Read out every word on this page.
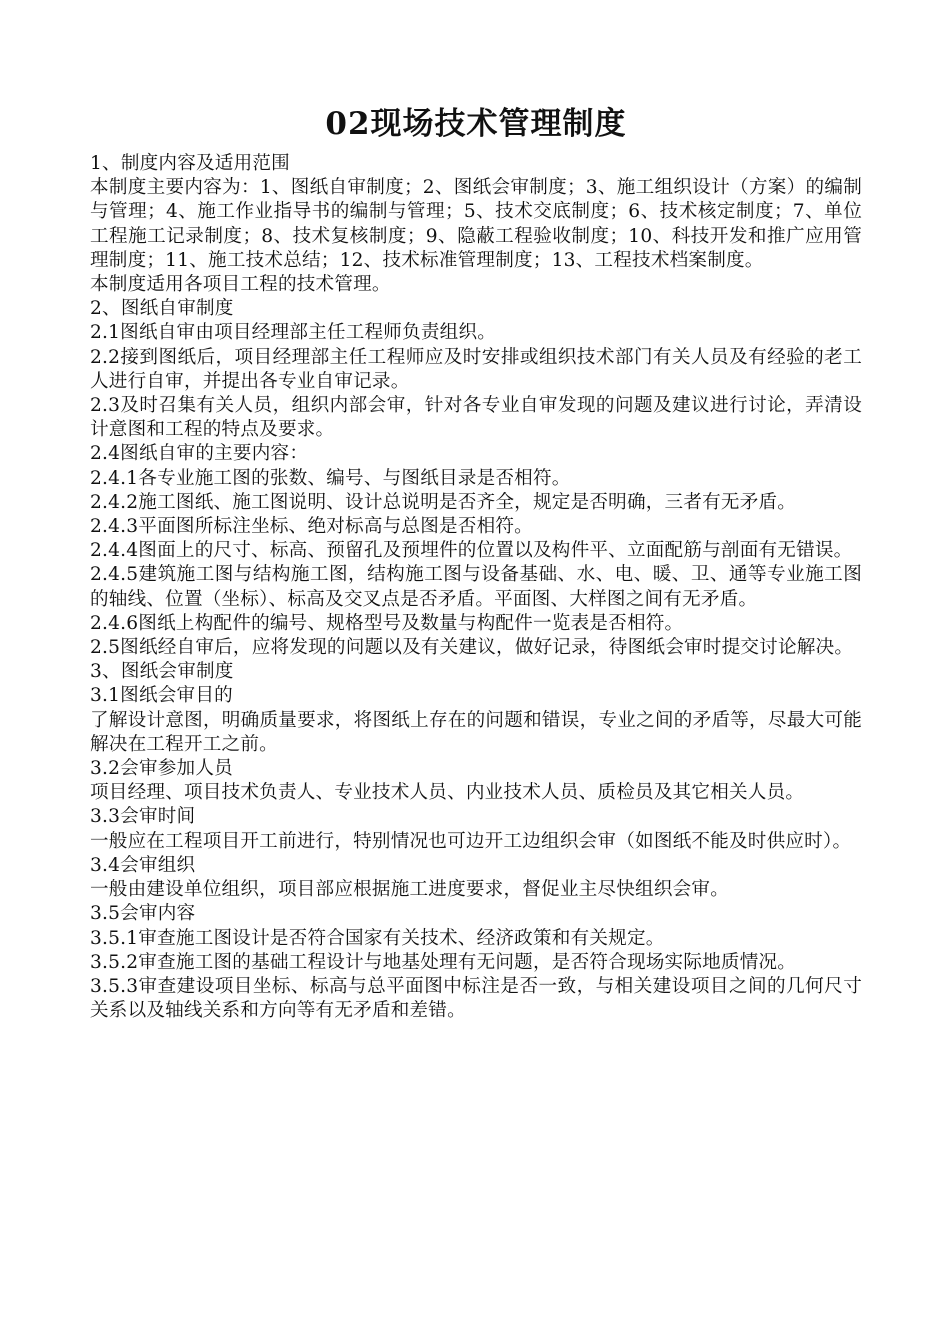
02现场技术管理制度

1、制度内容及适用范围

本制度主要内容为：1、图纸自审制度；2、图纸会审制度；3、施工组织设计（方案）的编制与管理；4、施工作业指导书的编制与管理；5、技术交底制度；6、技术核定制度；7、单位工程施工记录制度；8、技术复核制度；9、隐蔽工程验收制度；10、科技开发和推广应用管理制度；11、施工技术总结；12、技术标准管理制度；13、工程技术档案制度。

本制度适用各项目工程的技术管理。

2、图纸自审制度

2.1图纸自审由项目经理部主任工程师负责组织。

2.2接到图纸后，项目经理部主任工程师应及时安排或组织技术部门有关人员及有经验的老工人进行自审，并提出各专业自审记录。

2.3及时召集有关人员，组织内部会审，针对各专业自审发现的问题及建议进行讨论，弄清设计意图和工程的特点及要求。

2.4图纸自审的主要内容：

2.4.1各专业施工图的张数、编号、与图纸目录是否相符。

2.4.2施工图纸、施工图说明、设计总说明是否齐全，规定是否明确，三者有无矛盾。

2.4.3平面图所标注坐标、绝对标高与总图是否相符。

2.4.4图面上的尺寸、标高、预留孔及预埋件的位置以及构件平、立面配筋与剖面有无错误。

2.4.5建筑施工图与结构施工图，结构施工图与设备基础、水、电、暖、卫、通等专业施工图的轴线、位置（坐标）、标高及交叉点是否矛盾。平面图、大样图之间有无矛盾。

2.4.6图纸上构配件的编号、规格型号及数量与构配件一览表是否相符。

2.5图纸经自审后，应将发现的问题以及有关建议，做好记录，待图纸会审时提交讨论解决。

3、图纸会审制度

3.1图纸会审目的

了解设计意图，明确质量要求，将图纸上存在的问题和错误，专业之间的矛盾等，尽最大可能解决在工程开工之前。

3.2会审参加人员

项目经理、项目技术负责人、专业技术人员、内业技术人员、质检员及其它相关人员。

3.3会审时间

一般应在工程项目开工前进行，特别情况也可边开工边组织会审（如图纸不能及时供应时）。

3.4会审组织

一般由建设单位组织，项目部应根据施工进度要求，督促业主尽快组织会审。

3.5会审内容

3.5.1审查施工图设计是否符合国家有关技术、经济政策和有关规定。

3.5.2审查施工图的基础工程设计与地基处理有无问题，是否符合现场实际地质情况。

3.5.3审查建设项目坐标、标高与总平面图中标注是否一致，与相关建设项目之间的几何尺寸关系以及轴线关系和方向等有无矛盾和差错。
